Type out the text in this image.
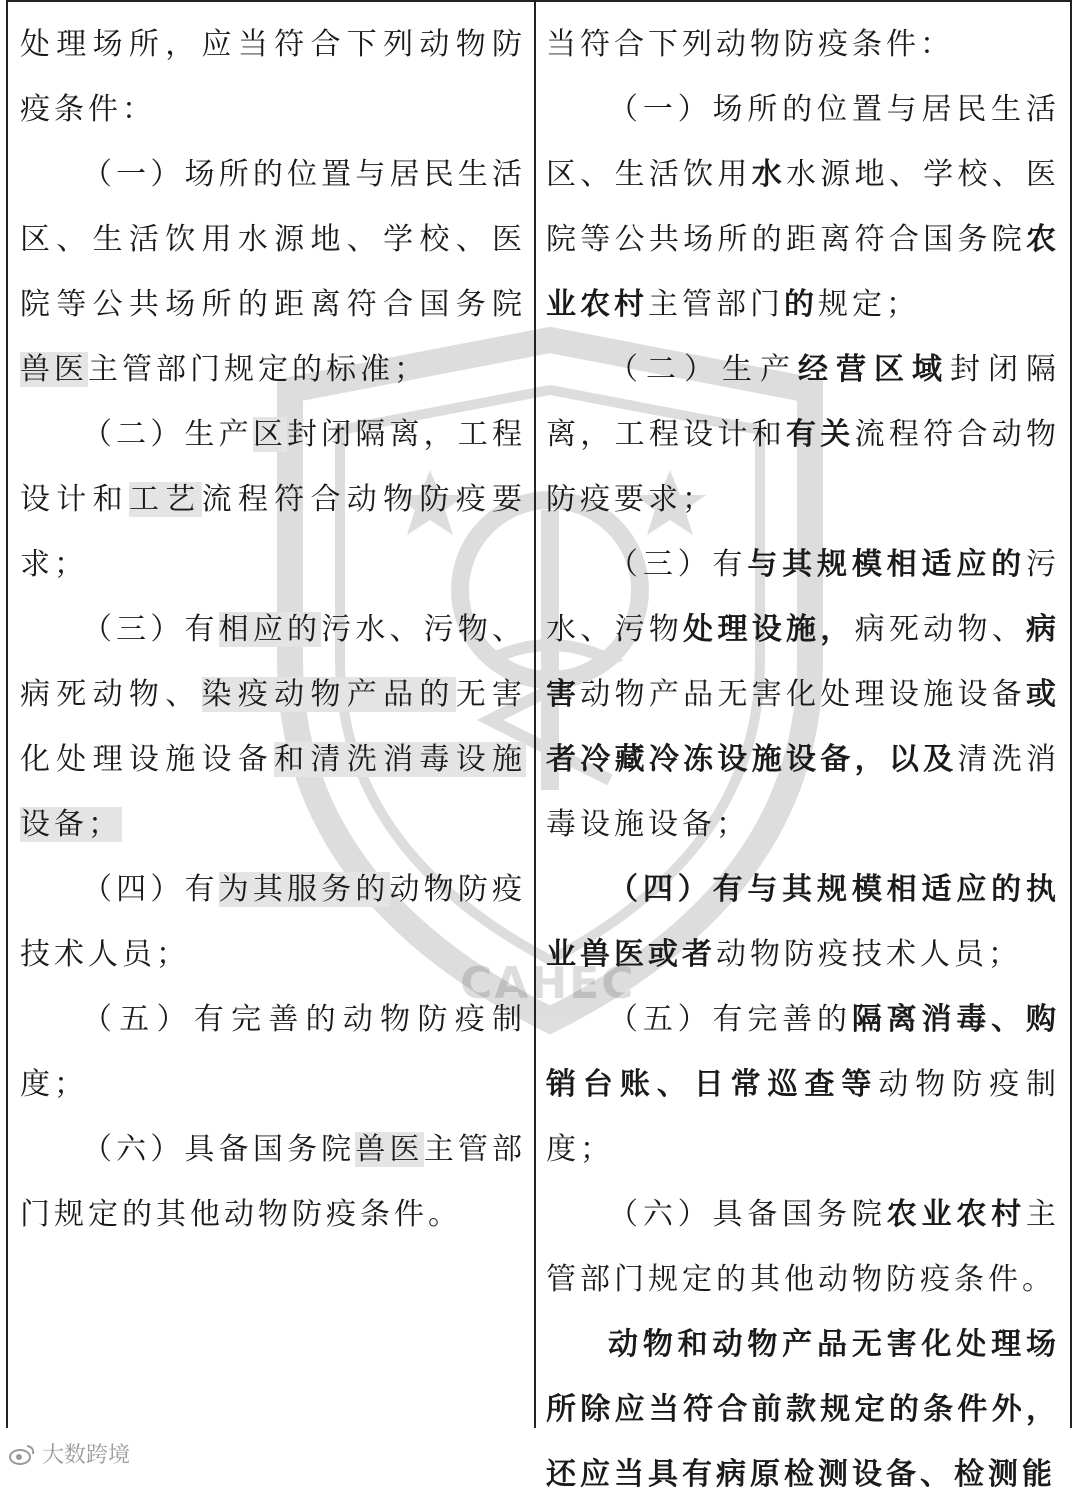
CAHEC

处理场所，应当符合下列动物防疫条件：

（一）场所的位置与居民生活区、生活饮用水源地、学校、医院等公共场所的距离符合国务院兽医主管部门规定的标准；

（二）生产区封闭隔离，工程设计和工艺流程符合动物防疫要求；

（三）有相应的污水、污物、病死动物、染疫动物产品的无害化处理设施设备和清洗消毒设施设备；

（四）有为其服务的动物防疫技术人员；

（五）有完善的动物防疫制度；

（六）具备国务院兽医主管部门规定的其他动物防疫条件。

当符合下列动物防疫条件：

（一）场所的位置与居民生活区、生活饮用水水源地、学校、医院等公共场所的距离符合国务院农业农村主管部门的规定；

（二）生产经营区域封闭隔离，工程设计和有关流程符合动物防疫要求；

（三）有与其规模相适应的污水、污物处理设施，病死动物、病害动物产品无害化处理设施设备或者冷藏冷冻设施设备，以及清洗消毒设施设备；

（四）有与其规模相适应的执业兽医或者动物防疫技术人员；

（五）有完善的隔离消毒、购销台账、日常巡查等动物防疫制度；

（六）具备国务院农业农村主管部门规定的其他动物防疫条件。

动物和动物产品无害化处理场所除应当符合前款规定的条件外，还应当具有病原检测设备、检测能

大数跨境
